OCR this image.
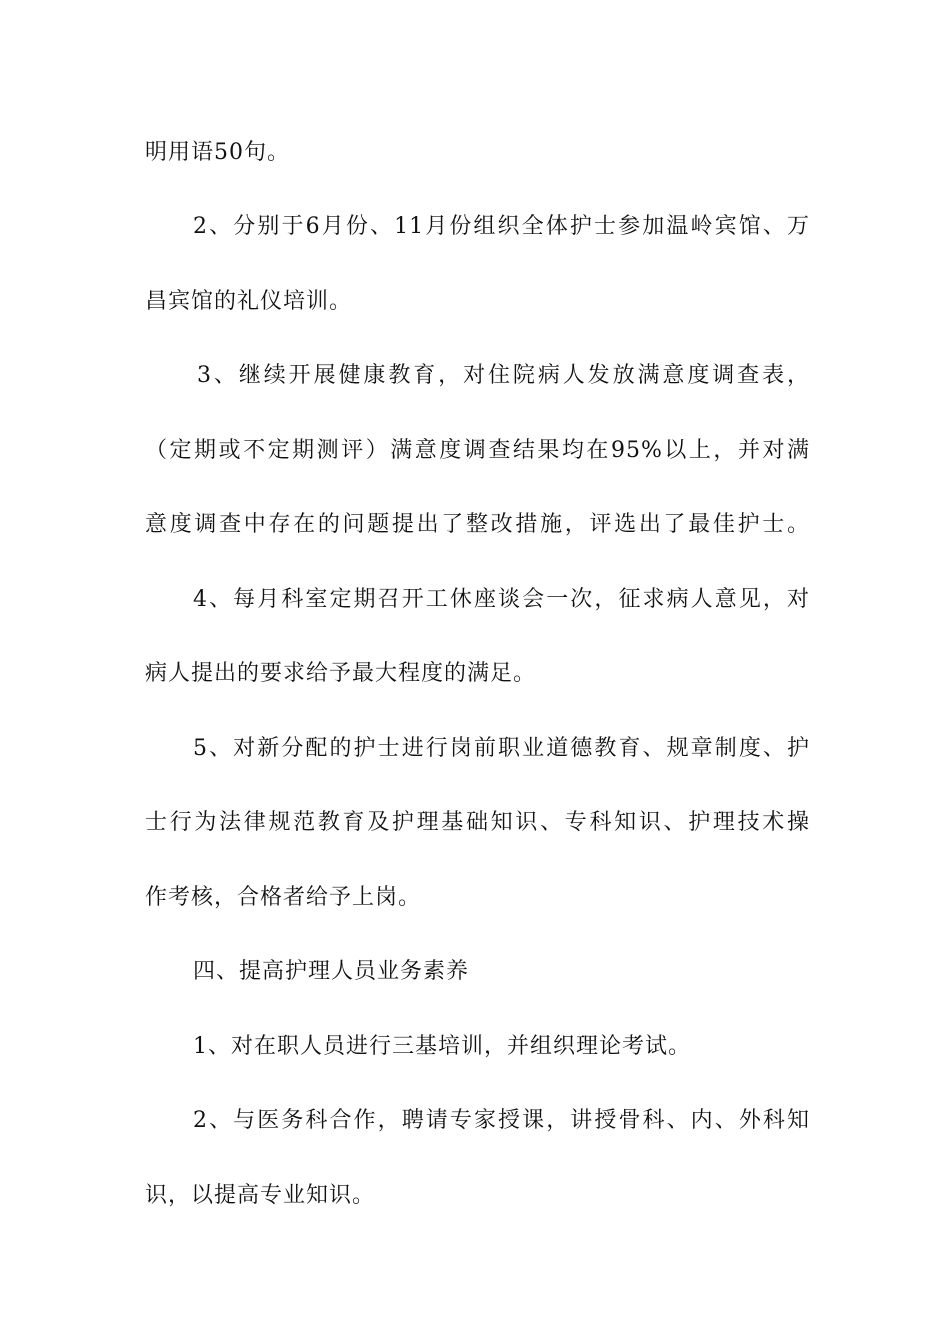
明用语50句。
2、分别于6月份、11月份组织全体护士参加温岭宾馆、万
昌宾馆的礼仪培训。
3、继续开展健康教育，对住院病人发放满意度调查表，
（定期或不定期测评）满意度调查结果均在95%以上，并对满
意度调查中存在的问题提出了整改措施，评选出了最佳护士。
4、每月科室定期召开工休座谈会一次，征求病人意见，对
病人提出的要求给予最大程度的满足。
5、对新分配的护士进行岗前职业道德教育、规章制度、护
士行为法律规范教育及护理基础知识、专科知识、护理技术操
作考核，合格者给予上岗。
四、提高护理人员业务素养
1、对在职人员进行三基培训，并组织理论考试。
2、与医务科合作，聘请专家授课，讲授骨科、内、外科知
识，以提高专业知识。
